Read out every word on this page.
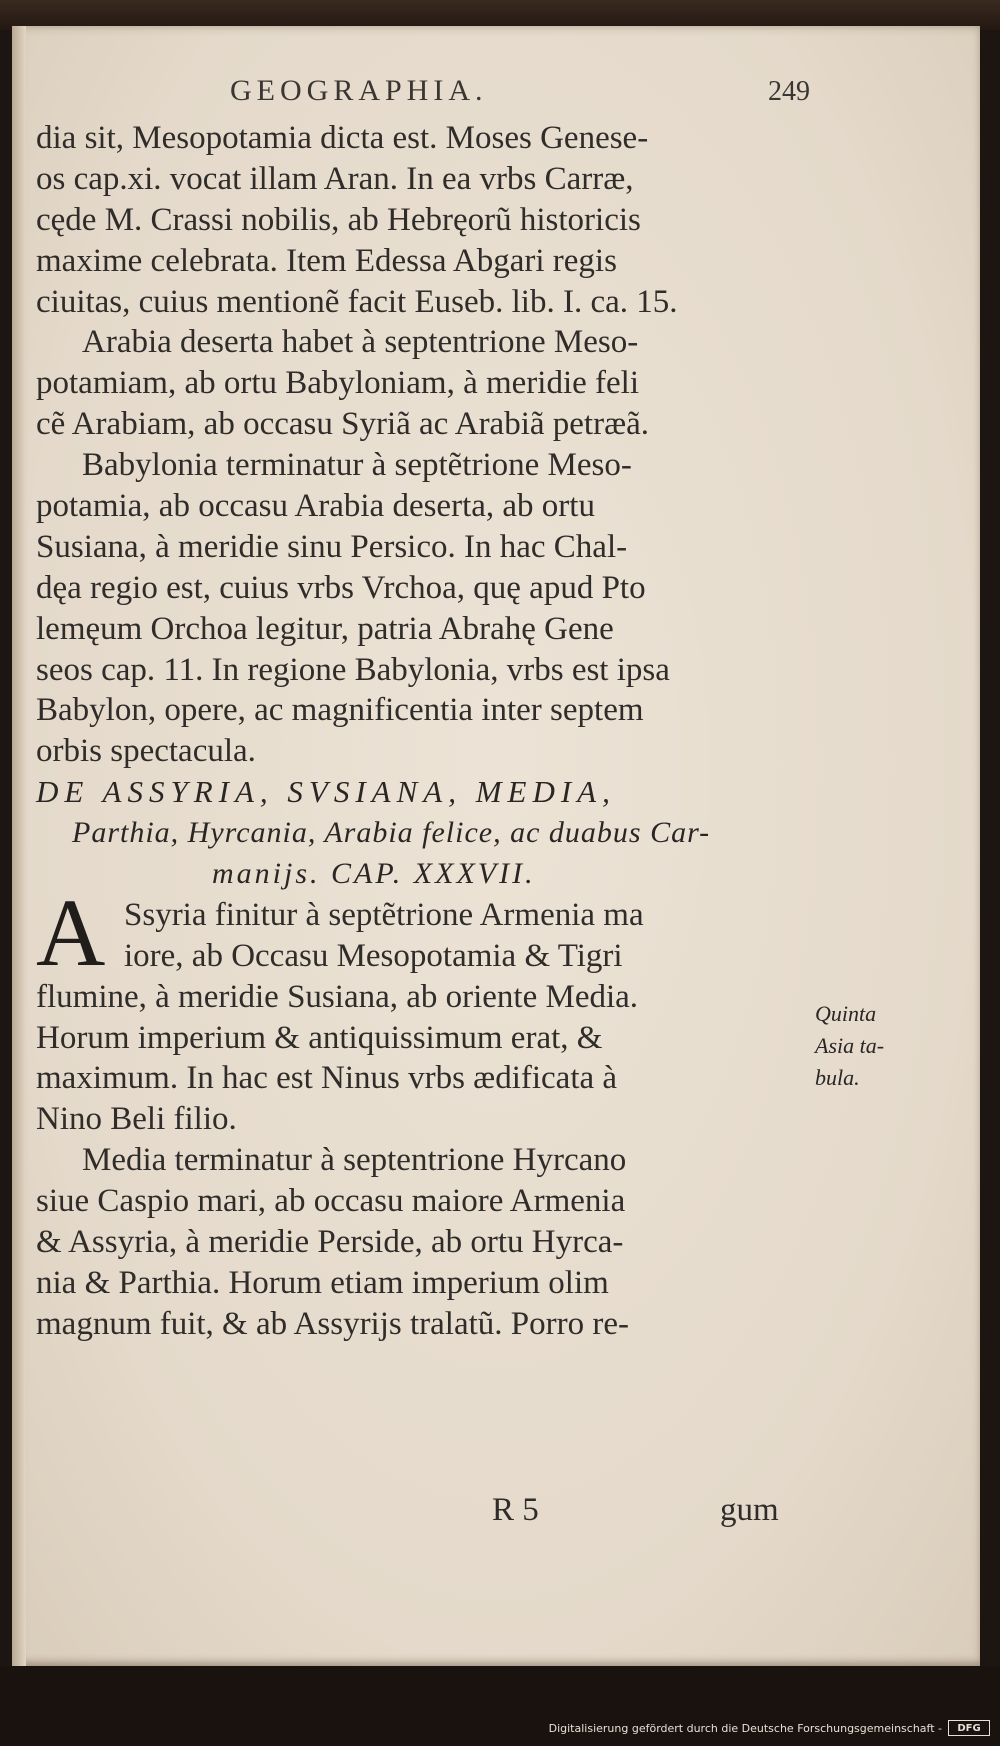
GEOGRAPHIA.	249
dia sit, Mesopotamia dicta est. Moses Genese-
os cap.xi. vocat illam Aran. In ea vrbs Carræ,
cęde M. Crassi nobilis, ab Hebręorũ historicis
maxime celebrata. Item Edessa Abgari regis
ciuitas, cuius mentionẽ facit Euseb. lib. I. ca. 15.
Arabia deserta habet à septentrione Meso-
potamiam, ab ortu Babyloniam, à meridie feli
cẽ Arabiam, ab occasu Syriã ac Arabiã petræã.
Babylonia terminatur à septẽtrione Meso-
potamia, ab occasu Arabia deserta, ab ortu
Susiana, à meridie sinu Persico. In hac Chal-
dęa regio est, cuius vrbs Vrchoa, quę apud Pto
lemęum Orchoa legitur, patria Abrahę Gene
seos cap. 11. In regione Babylonia, vrbs est ipsa
Babylon, opere, ac magnificentia inter septem
orbis spectacula.
DE ASSYRIA, SVSIANA, MEDIA,
Parthia, Hyrcania, Arabia felice, ac duabus Car-
manijs. CAP. XXXVII.
A Ssyria finitur à septẽtrione Armenia ma
iore, ab Occasu Mesopotamia & Tigri
flumine, à meridie Susiana, ab oriente Media.
Horum imperium & antiquissimum erat, &
maximum. In hac est Ninus vrbs ædificata à
Nino Beli filio.
Media terminatur à septentrione Hyrcano
siue Caspio mari, ab occasu maiore Armenia
& Assyria, à meridie Perside, ab ortu Hyrca-
nia & Parthia. Horum etiam imperium olim
magnum fuit, & ab Assyrijs tralatũ. Porro re-
Quinta
Asia ta-
bula.
R 5	gum
Digitalisierung gefördert durch die Deutsche Forschungsgemeinschaft -	DFG
